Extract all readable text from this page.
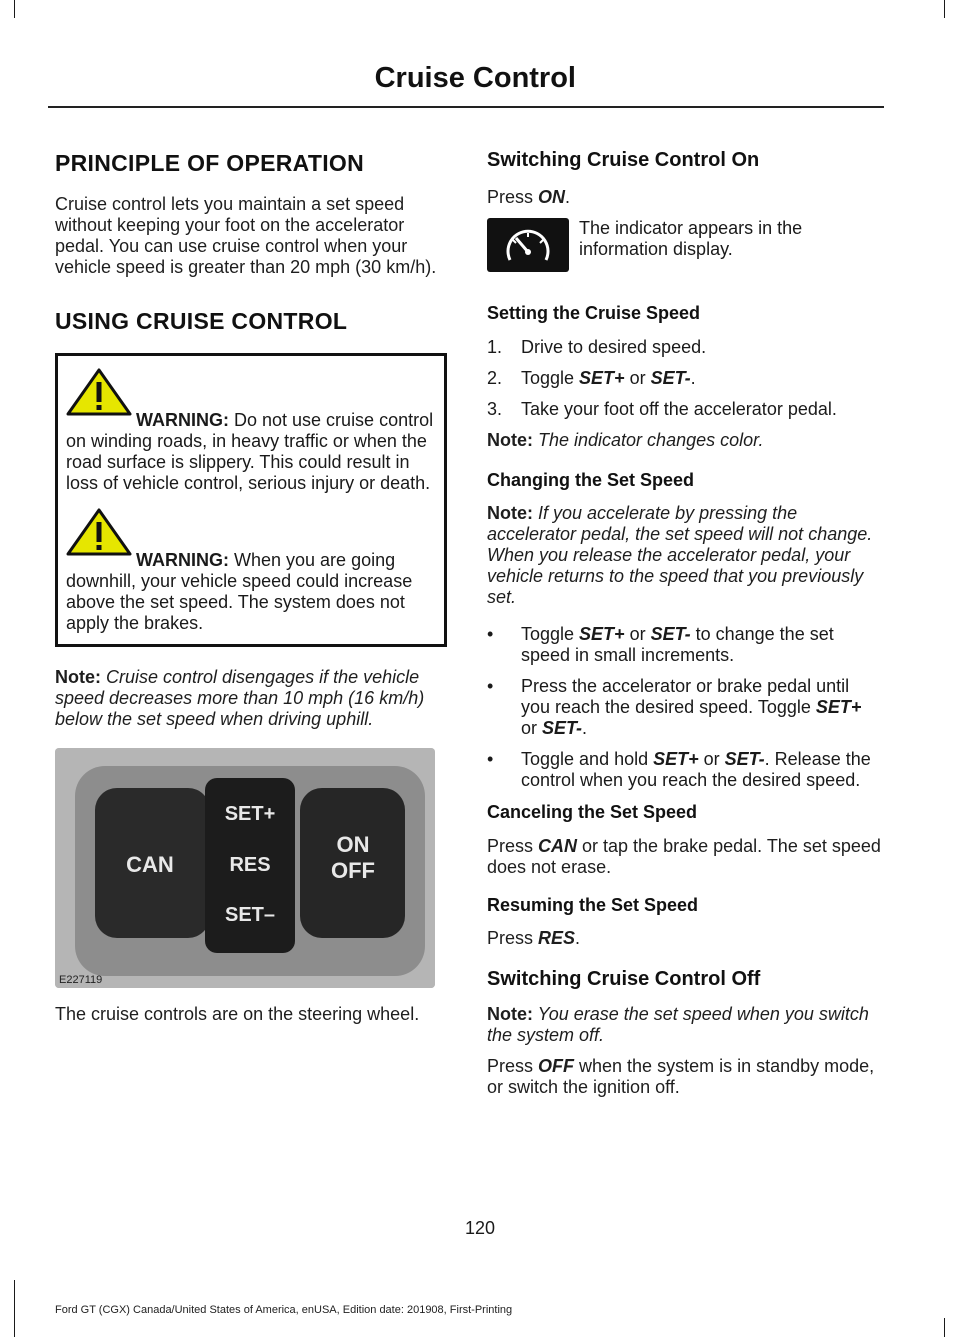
Cruise Control
PRINCIPLE OF OPERATION

Cruise control lets you maintain a set speed without keeping your foot on the accelerator pedal. You can use cruise control when your vehicle speed is greater than 20 mph (30 km/h).

USING CRUISE CONTROL
WARNING: Do not use cruise control on winding roads, in heavy traffic or when the road surface is slippery. This could result in loss of vehicle control, serious injury or death.
WARNING: When you are going downhill, your vehicle speed could increase above the set speed. The system does not apply the brakes.

Note: Cruise control disengages if the vehicle speed decreases more than 10 mph (16 km/h) below the set speed when driving uphill.

CAN
SET+
RES
SET–
ON
OFF
E227119

The cruise controls are on the steering wheel.

Switching Cruise Control On

Press ON.

The indicator appears in the information display.
Setting the Cruise Speed
1. Drive to desired speed.
2. Toggle SET+ or SET-.
3. Take your foot off the accelerator pedal.

Note: The indicator changes color.

Changing the Set Speed

Note: If you accelerate by pressing the accelerator pedal, the set speed will not change. When you release the accelerator pedal, your vehicle returns to the speed that you previously set.

• Toggle SET+ or SET- to change the set speed in small increments.
• Press the accelerator or brake pedal until you reach the desired speed. Toggle SET+ or SET-.
• Toggle and hold SET+ or SET-. Release the control when you reach the desired speed.
Canceling the Set Speed

Press CAN or tap the brake pedal. The set speed does not erase.

Resuming the Set Speed

Press RES.

Switching Cruise Control Off

Note: You erase the set speed when you switch the system off.

Press OFF when the system is in standby mode, or switch the ignition off.

120
Ford GT (CGX) Canada/United States of America, enUSA, Edition date: 201908, First-Printing
